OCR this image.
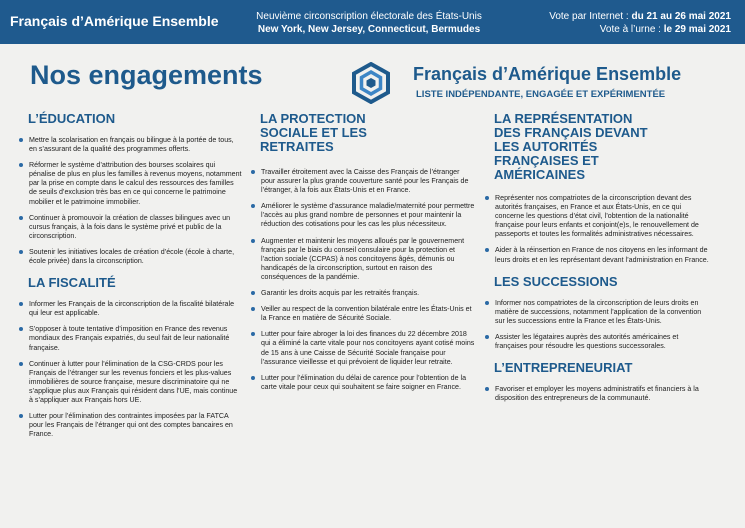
Français d’Amérique Ensemble	Neuvième circonscription électorale des États-Unis
New York, New Jersey, Connecticut, Bermudes
Vote par Internet : du 21 au 26 mai 2021
Vote à l’urne : le 29 mai 2021
Nos engagements	Français d’Amérique Ensemble
LISTE INDÉPENDANTE, ENGAGÉE ET EXPÉRIMENTÉE
L’ÉDUCATION
Mettre la scolarisation en français ou bilingue à la portée de tous, en s’assurant de la qualité des programmes offerts.
Réformer le système d’attribution des bourses scolaires qui pénalise de plus en plus les familles à revenus moyens, notamment par la prise en compte dans le calcul des ressources des familles de seuils d’exclusion très bas en ce qui concerne le patrimoine mobilier et le patrimoine immobilier.
Continuer à promouvoir la création de classes bilingues avec un cursus français, à la fois dans le système privé et public de la circonscription.
Soutenir les initiatives locales de création d’école (école à charte, école privée) dans la circonscription.
LA FISCALITÉ
Informer les Français de la circonscription de la fiscalité bilatérale qui leur est applicable.
S’opposer à toute tentative d’imposition en France des revenus mondiaux des Français expatriés, du seul fait de leur nationalité française.
Continuer à lutter pour l’élimination de la CSG-CRDS pour les Français de l’étranger sur les revenus fonciers et les plus-values immobilières de source française, mesure discriminatoire qui ne s’applique plus aux Français qui résident dans l’UE, mais continue à s’appliquer aux Français hors UE.
Lutter pour l’élimination des contraintes imposées par la FATCA pour les Français de l’étranger qui ont des comptes bancaires en France.
LA PROTECTION SOCIALE ET LES RETRAITES
Travailler étroitement avec la Caisse des Français de l’étranger pour assurer la plus grande couverture santé pour les Français de l’étranger, à la fois aux États-Unis et en France.
Améliorer le système d’assurance maladie/maternité pour permettre l’accès au plus grand nombre de personnes et pour maintenir la réduction des cotisations pour les cas les plus nécessiteux.
Augmenter et maintenir les moyens alloués par le gouvernement français par le biais du conseil consulaire pour la protection et l’action sociale (CCPAS) à nos concitoyens âgés, démunis ou handicapés de la circonscription, surtout en raison des conséquences de la pandémie.
Garantir les droits acquis par les retraités français.
Veiller au respect de la convention bilatérale entre les États-Unis et la France en matière de Sécurité Sociale.
Lutter pour faire abroger la loi des finances du 22 décembre 2018 qui a éliminé la carte vitale pour nos concitoyens ayant cotisé moins de 15 ans à une Caisse de Sécurité Sociale française pour l’assurance vieillesse et qui prévoient de liquider leur retraite.
Lutter pour l’élimination du délai de carence pour l’obtention de la carte vitale pour ceux qui souhaitent se faire soigner en France.
LA REPRÉSENTATION DES FRANÇAIS DEVANT LES AUTORITÉS FRANÇAISES ET AMÉRICAINES
Représenter nos compatriotes de la circonscription devant des autorités françaises, en France et aux États-Unis, en ce qui concerne les questions d’état civil, l’obtention de la nationalité française pour leurs enfants et conjoint(e)s, le renouvellement de passeports et toutes les formalités administratives nécessaires.
Aider à la réinsertion en France de nos citoyens en les informant de leurs droits et en les représentant devant l’administration en France.
LES SUCCESSIONS
Informer nos compatriotes de la circonscription de leurs droits en matière de successions, notamment l’application de la convention sur les successions entre la France et les États-Unis.
Assister les légataires auprès des autorités américaines et françaises pour résoudre les questions successorales.
L’ENTREPRENEURIAT
Favoriser et employer les moyens administratifs et financiers à la disposition des entrepreneurs de la communauté.
